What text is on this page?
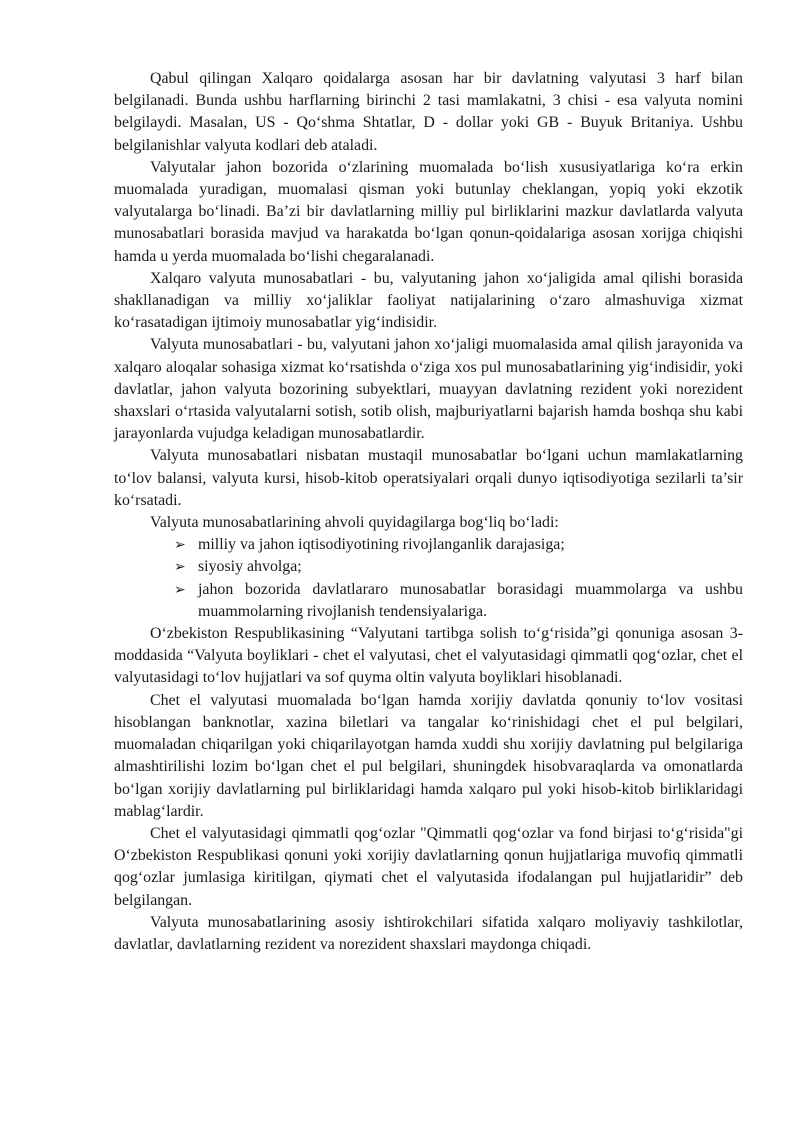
Qabul qilingan Xalqaro qoidalarga asosan har bir davlatning valyutasi 3 harf bilan belgilanadi. Bunda ushbu harflarning birinchi 2 tasi mamlakatni, 3 chisi - esa valyuta nomini belgilaydi. Masalan, US - Qo‘shma Shtatlar, D - dollar yoki GB - Buyuk Britaniya. Ushbu belgilanishlar valyuta kodlari deb ataladi.

Valyutalar jahon bozorida o‘zlarining muomalada bo‘lish xususiyatlariga ko‘ra erkin muomalada yuradigan, muomalasi qisman yoki butunlay cheklangan, yopiq yoki ekzotik valyutalarga bo‘linadi. Ba’zi bir davlatlarning milliy pul birliklarini mazkur davlatlarda valyuta munosabatlari borasida mavjud va harakatda bo‘lgan qonun-qoidalariga asosan xorijga chiqishi hamda u yerda muomalada bo‘lishi chegaralanadi.

Xalqaro valyuta munosabatlari - bu, valyutaning jahon xo‘jaligida amal qilishi borasida shakllanadigan va milliy xo‘jaliklar faoliyat natijalarining o‘zaro almashuviga xizmat ko‘rasatadigan ijtimoiy munosabatlar yig‘indisidir.

Valyuta munosabatlari - bu, valyutani jahon xo‘jaligi muomalasida amal qilish jarayonida va xalqaro aloqalar sohasiga xizmat ko‘rsatishda o‘ziga xos pul munosabatlarining yig‘indisidir, yoki davlatlar, jahon valyuta bozorining subyektlari, muayyan davlatning rezident yoki norezident shaxslari o‘rtasida valyutalarni sotish, sotib olish, majburiyatlarni bajarish hamda boshqa shu kabi jarayonlarda vujudga keladigan munosabatlardir.

Valyuta munosabatlari nisbatan mustaqil munosabatlar bo‘lgani uchun mamlakatlarning to‘lov balansi, valyuta kursi, hisob-kitob operatsiyalari orqali dunyo iqtisodiyotiga sezilarli ta’sir ko‘rsatadi.

Valyuta munosabatlarining ahvoli quyidagilarga bog‘liq bo‘ladi:

➢ milliy va jahon iqtisodiyotining rivojlanganlik darajasiga;
➢ siyosiy ahvolga;
➢ jahon bozorida davlatlararo munosabatlar borasidagi muammolarga va ushbu muammolarning rivojlanish tendensiyalariga.

O‘zbekiston Respublikasining “Valyutani tartibga solish to‘g‘risida”gi qonuniga asosan 3-moddasida “Valyuta boyliklari - chet el valyutasi, chet el valyutasidagi qimmatli qog‘ozlar, chet el valyutasidagi to‘lov hujjatlari va sof quyma oltin valyuta boyliklari hisoblanadi.

Chet el valyutasi muomalada bo‘lgan hamda xorijiy davlatda qonuniy to‘lov vositasi hisoblangan banknotlar, xazina biletlari va tangalar ko‘rinishidagi chet el pul belgilari, muomaladan chiqarilgan yoki chiqarilayotgan hamda xuddi shu xorijiy davlatning pul belgilariga almashtirilishi lozim bo‘lgan chet el pul belgilari, shuningdek hisobvaraqlarda va omonatlarda bo‘lgan xorijiy davlatlarning pul birliklaridagi hamda xalqaro pul yoki hisob-kitob birliklaridagi mablag‘lardir.

Chet el valyutasidagi qimmatli qog‘ozlar "Qimmatli qog‘ozlar va fond birjasi to‘g‘risida"gi O‘zbekiston Respublikasi qonuni yoki xorijiy davlatlarning qonun hujjatlariga muvofiq qimmatli qog‘ozlar jumlasiga kiritilgan, qiymati chet el valyutasida ifodalangan pul hujjatlaridir” deb belgilangan.

Valyuta munosabatlarining asosiy ishtirokchilari sifatida xalqaro moliyaviy tashkilotlar, davlatlar, davlatlarning rezident va norezident shaxslari maydonga chiqadi.
